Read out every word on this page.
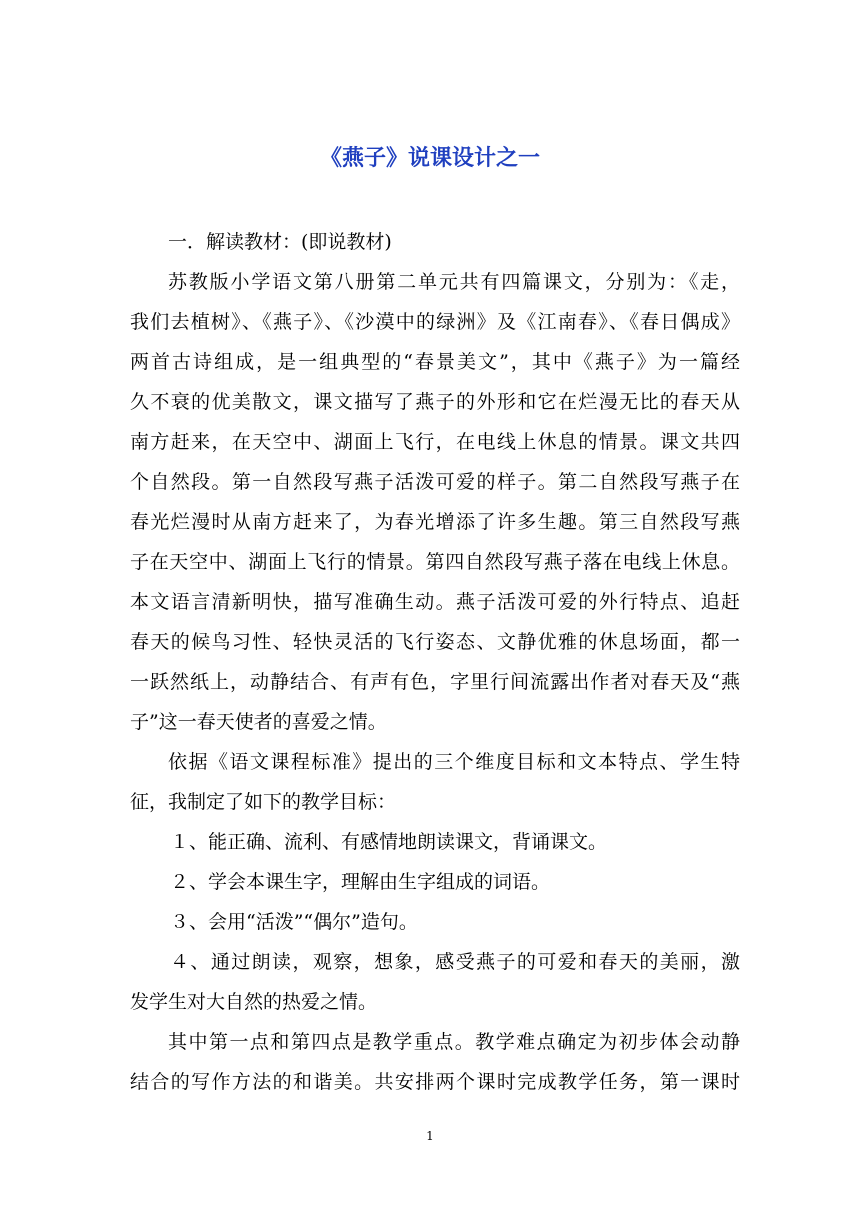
《燕子》说课设计之一
一．解读教材：(即说教材)
苏教版小学语文第八册第二单元共有四篇课文，分别为：《走，
我们去植树》、《燕子》、《沙漠中的绿洲》及《江南春》、《春日偶成》
两首古诗组成，是一组典型的“春景美文”，其中《燕子》为一篇经
久不衰的优美散文，课文描写了燕子的外形和它在烂漫无比的春天从
南方赶来，在天空中、湖面上飞行，在电线上休息的情景。课文共四
个自然段。第一自然段写燕子活泼可爱的样子。第二自然段写燕子在
春光烂漫时从南方赶来了，为春光增添了许多生趣。第三自然段写燕
子在天空中、湖面上飞行的情景。第四自然段写燕子落在电线上休息。
本文语言清新明快，描写准确生动。燕子活泼可爱的外行特点、追赶
春天的候鸟习性、轻快灵活的飞行姿态、文静优雅的休息场面，都一
一跃然纸上，动静结合、有声有色，字里行间流露出作者对春天及“燕
子”这一春天使者的喜爱之情。
依据《语文课程标准》提出的三个维度目标和文本特点、学生特
征，我制定了如下的教学目标：
１、能正确、流利、有感情地朗读课文，背诵课文。
２、学会本课生字，理解由生字组成的词语。
３、会用“活泼”“偶尔”造句。
４、通过朗读，观察，想象，感受燕子的可爱和春天的美丽，激
发学生对大自然的热爱之情。
其中第一点和第四点是教学重点。教学难点确定为初步体会动静
结合的写作方法的和谐美。共安排两个课时完成教学任务，第一课时
1
